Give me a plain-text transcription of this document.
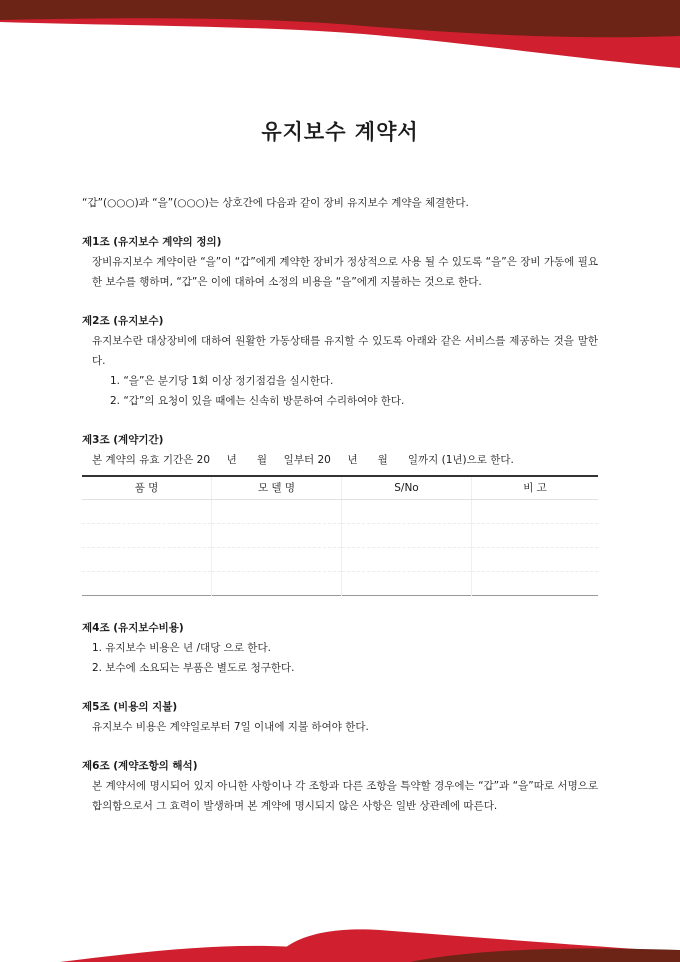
유지보수 계약서
“갑”(○○○)과 “을”(○○○)는 상호간에 다음과 같이 장비 유지보수 계약을 체결한다.
제1조 (유지보수 계약의 정의)
장비유지보수 계약이란 “을”이 “갑”에게 계약한 장비가 정상적으로 사용 될 수 있도록 “을”은 장비 가동에 필요한 보수를 행하며, “갑”은 이에 대하여 소정의 비용을 “을”에게 지불하는 것으로 한다.
제2조 (유지보수)
유지보수란 대상장비에 대하여 원활한 가동상태를 유지할 수 있도록 아래와 같은 서비스를 제공하는 것을 말한다.
1. “을”은 분기당 1회 이상 정기점검을 실시한다.
2. “갑”의 요청이 있을 때에는 신속히 방문하여 수리하여야 한다.
제3조 (계약기간)
본 계약의 유효 기간은 20     년      월     일부터 20     년      월      일까지 (1년)으로 한다.
품 명	모 델 명	S/No	비 고

제4조 (유지보수비용)
1. 유지보수 비용은 년 /대당 으로 한다.
2. 보수에 소요되는 부품은 별도로 청구한다.
제5조 (비용의 지불)
유지보수 비용은 계약일로부터 7일 이내에 지불 하여야 한다.
제6조 (계약조항의 해석)
본 계약서에 명시되어 있지 아니한 사항이나 각 조항과 다른 조항을 특약할 경우에는 “갑”과 “을”따로 서명으로 합의함으로서 그 효력이 발생하며 본 계약에 명시되지 않은 사항은 일반 상관례에 따른다.
